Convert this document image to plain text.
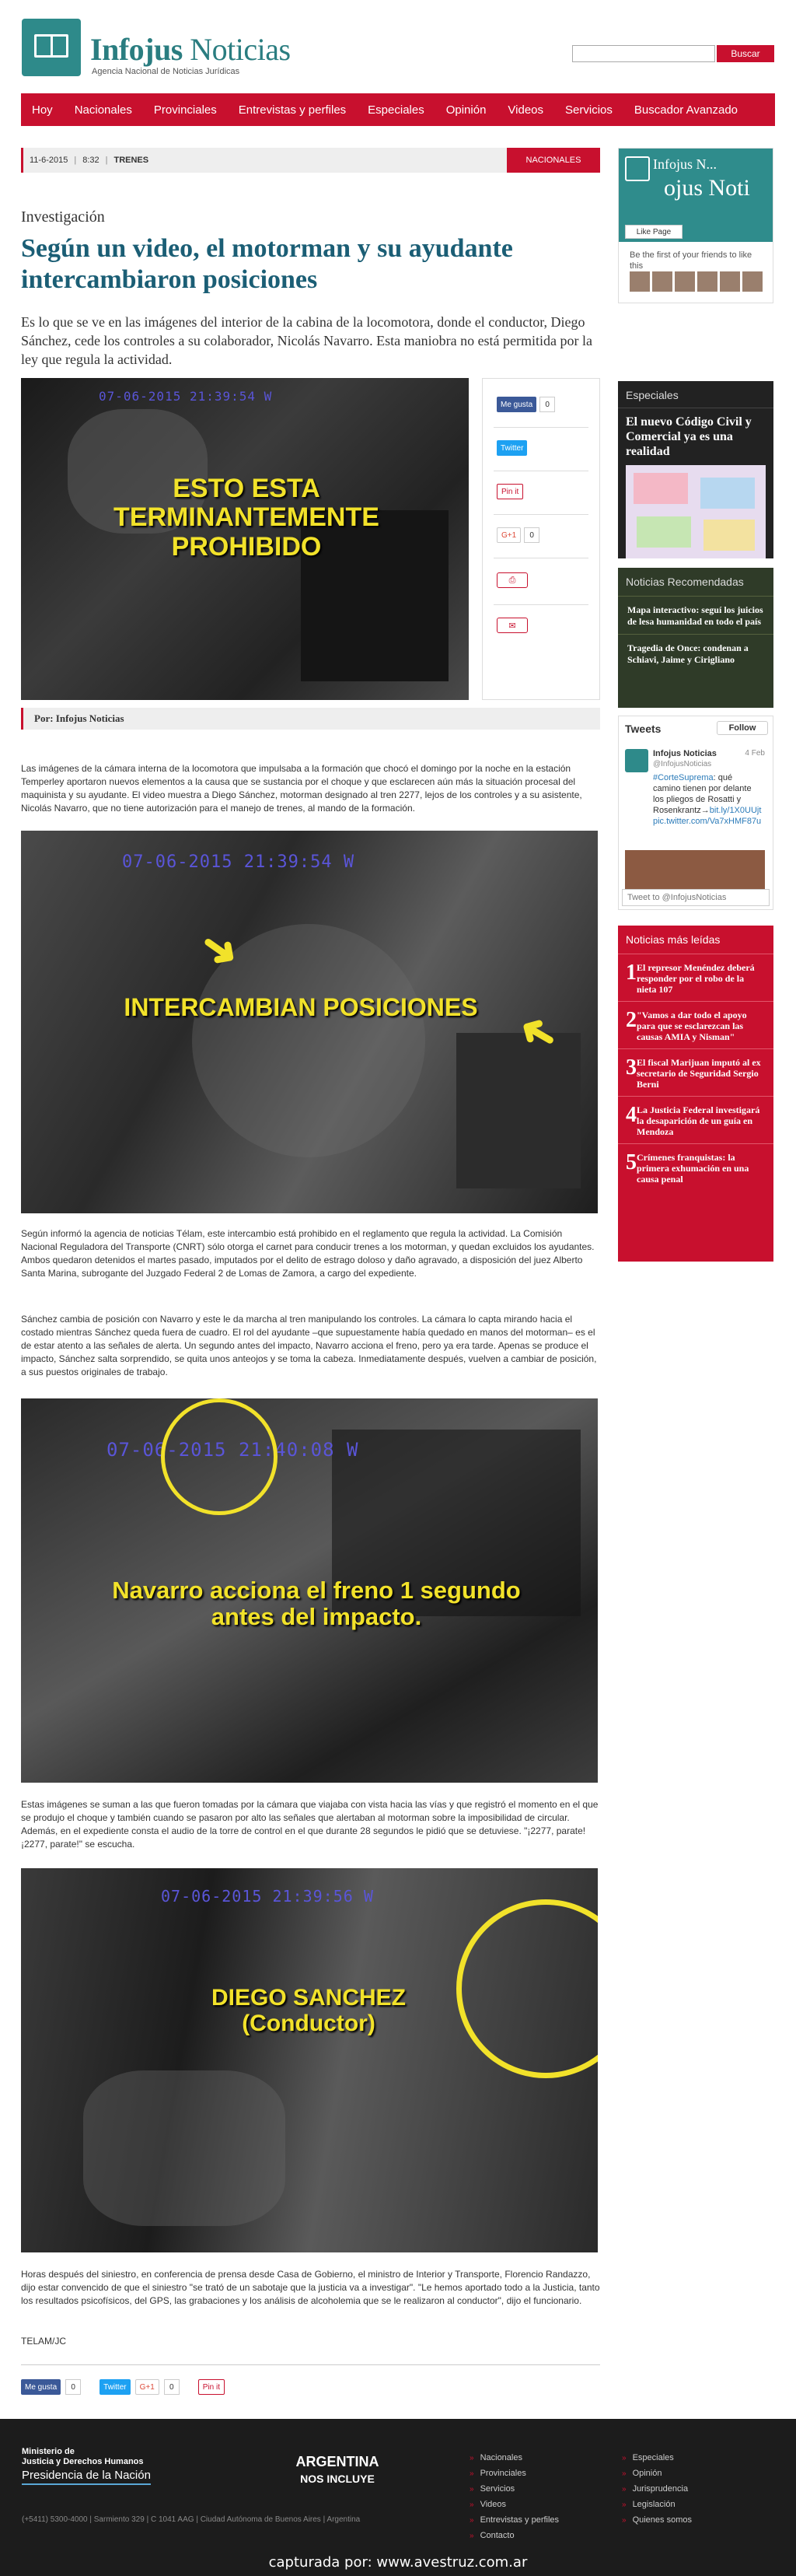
Infojus Noticias
Agencia Nacional de Noticias Jurídicas
Buscar
Hoy	Nacionales	Provinciales	Entrevistas y perfiles	Especiales	Opinión	Videos	Servicios	Buscador Avanzado
11-6-2015 | 8:32 | TRENES	NACIONALES
Investigación
Según un video, el motorman y su ayudante intercambiaron posiciones

Es lo que se ve en las imágenes del interior de la cabina de la locomotora, donde el conductor, Diego Sánchez, cede los controles a su colaborador, Nicolás Navarro. Esta maniobra no está permitida por la ley que regula la actividad.

07-06-2015 21:39:54 W
ESTO ESTA TERMINANTEMENTE PROHIBIDO
Me gusta	0
Twitter
Pin it
G+1	0
⎙
✉
Por: Infojus Noticias

Las imágenes de la cámara interna de la locomotora que impulsaba a la formación que chocó el domingo por la noche en la estación Temperley aportaron nuevos elementos a la causa que se sustancia por el choque y que esclarecen aún más la situación procesal del maquinista y su ayudante. El video muestra a Diego Sánchez, motorman designado al tren 2277, lejos de los controles y a su asistente, Nicolás Navarro, que no tiene autorización para el manejo de trenes, al mando de la formación.

07-06-2015 21:39:54 W
INTERCAMBIAN POSICIONES
➜
➜

Según informó la agencia de noticias Télam, este intercambio está prohibido en el reglamento que regula la actividad. La Comisión Nacional Reguladora del Transporte (CNRT) sólo otorga el carnet para conducir trenes a los motorman, y quedan excluidos los ayudantes. Ambos quedaron detenidos el martes pasado, imputados por el delito de estrago doloso y daño agravado, a disposición del juez Alberto Santa Marina, subrogante del Juzgado Federal 2 de Lomas de Zamora, a cargo del expediente.

Sánchez cambia de posición con Navarro y este le da marcha al tren manipulando los controles. La cámara lo capta mirando hacia el costado mientras Sánchez queda fuera de cuadro. El rol del ayudante –que supuestamente había quedado en manos del motorman– es el de estar atento a las señales de alerta. Un segundo antes del impacto, Navarro acciona el freno, pero ya era tarde. Apenas se produce el impacto, Sánchez salta sorprendido, se quita unos anteojos y se toma la cabeza. Inmediatamente después, vuelven a cambiar de posición, a sus puestos originales de trabajo.

07-06-2015 21:40:08 W
Navarro acciona el freno 1 segundo antes del impacto.

Estas imágenes se suman a las que fueron tomadas por la cámara que viajaba con vista hacia las vías y que registró el momento en el que se produjo el choque y también cuando se pasaron por alto las señales que alertaban al motorman sobre la imposibilidad de circular. Además, en el expediente consta el audio de la torre de control en el que durante 28 segundos le pidió que se detuviese. "¡2277, parate! ¡2277, parate!" se escucha.

07-06-2015 21:39:56 W
DIEGO SANCHEZ (Conductor)

Horas después del siniestro, en conferencia de prensa desde Casa de Gobierno, el ministro de Interior y Transporte, Florencio Randazzo, dijo estar convencido de que el siniestro "se trató de un sabotaje que la justicia va a investigar". "Le hemos aportado todo a la Justicia, tanto los resultados psicofísicos, del GPS, las grabaciones y los análisis de alcoholemia que se le realizaron al conductor", dijo el funcionario.

TELAM/JC

Me gusta	0	Twitter	G+1	0	Pin it
Infojus N...
ojus Noti
Like Page
Be the first of your friends to like this
Especiales
El nuevo Código Civil y Comercial ya es una realidad
Noticias Recomendadas
Mapa interactivo: seguí los juicios de lesa humanidad en todo el país
Tragedia de Once: condenan a Schiavi, Jaime y Cirigliano
Tweets	Follow
Infojus Noticias
@InfojusNoticias
4 Feb
#CorteSuprema: qué camino tienen por delante los pliegos de Rosatti y Rosenkrantz→bit.ly/1X0UUjt pic.twitter.com/Va7xHMF87u
Tweet to @InfojusNoticias
Noticias más leídas
1 El represor Menéndez deberá responder por el robo de la nieta 107
2 "Vamos a dar todo el apoyo para que se esclarezcan las causas AMIA y Nisman"
3 El fiscal Marijuan imputó al ex secretario de Seguridad Sergio Berni
4 La Justicia Federal investigará la desaparición de un guía en Mendoza
5 Crímenes franquistas: la primera exhumación en una causa penal
Ministerio de
Justicia y Derechos Humanos
Presidencia de la Nación
(+5411) 5300-4000 | Sarmiento 329 | C 1041 AAG | Ciudad Autónoma de Buenos Aires | Argentina
ARGENTINA
NOS INCLUYE
» Nacionales
» Provinciales
» Servicios
» Videos
» Entrevistas y perfiles
» Contacto
» Especiales
» Opinión
» Jurisprudencia
» Legislación
» Quienes somos
capturada por: www.avestruz.com.ar
